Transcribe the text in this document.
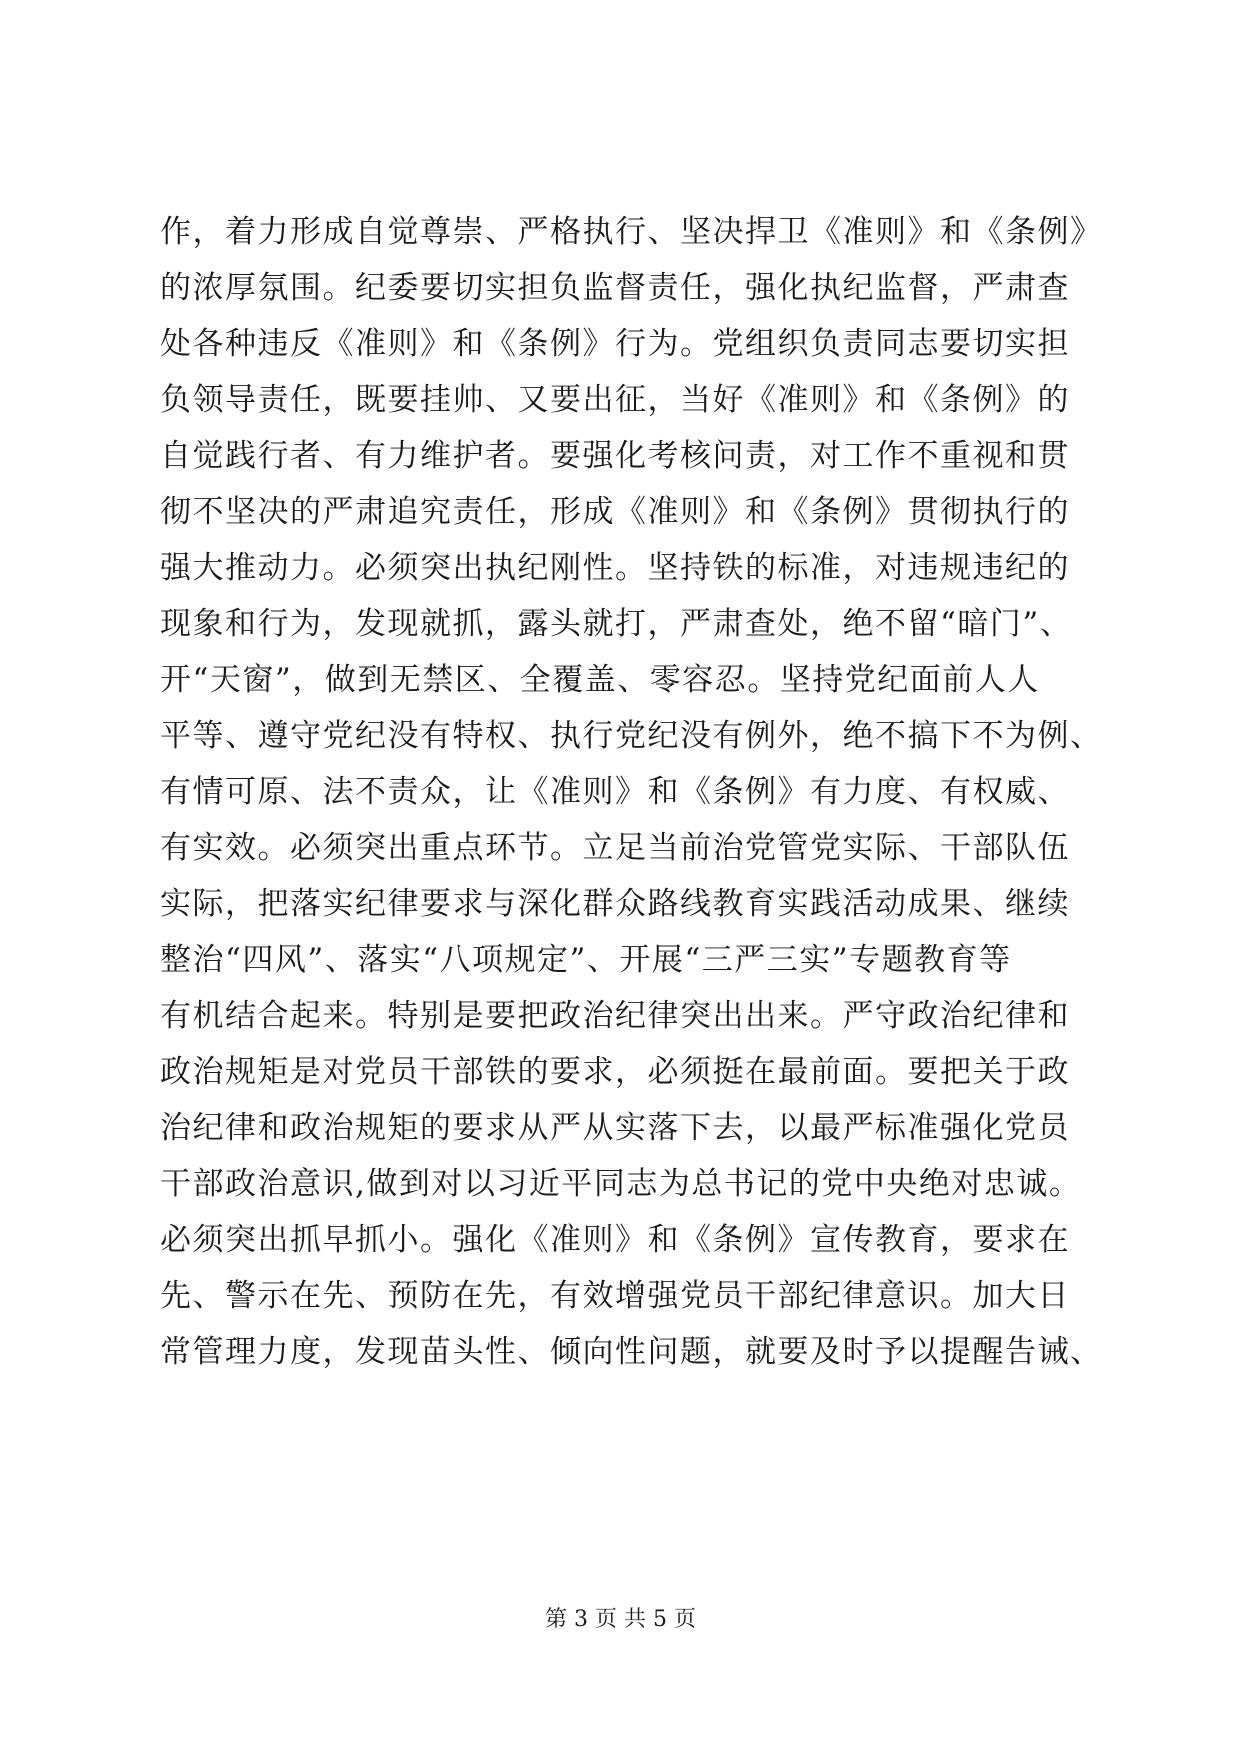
作，着力形成自觉尊崇、严格执行、坚决捍卫《准则》和《条例》
的浓厚氛围。纪委要切实担负监督责任，强化执纪监督，严肃查
处各种违反《准则》和《条例》行为。党组织负责同志要切实担
负领导责任，既要挂帅、又要出征，当好《准则》和《条例》的
自觉践行者、有力维护者。要强化考核问责，对工作不重视和贯
彻不坚决的严肃追究责任，形成《准则》和《条例》贯彻执行的
强大推动力。必须突出执纪刚性。坚持铁的标准，对违规违纪的
现象和行为，发现就抓，露头就打，严肃查处，绝不留“暗门”、
开“天窗”，做到无禁区、全覆盖、零容忍。坚持党纪面前人人
平等、遵守党纪没有特权、执行党纪没有例外，绝不搞下不为例、
有情可原、法不责众，让《准则》和《条例》有力度、有权威、
有实效。必须突出重点环节。立足当前治党管党实际、干部队伍
实际，把落实纪律要求与深化群众路线教育实践活动成果、继续
整治“四风”、落实“八项规定”、开展“三严三实”专题教育等
有机结合起来。特别是要把政治纪律突出出来。严守政治纪律和
政治规矩是对党员干部铁的要求，必须挺在最前面。要把关于政
治纪律和政治规矩的要求从严从实落下去，以最严标准强化党员
干部政治意识,做到对以习近平同志为总书记的党中央绝对忠诚。
必须突出抓早抓小。强化《准则》和《条例》宣传教育，要求在
先、警示在先、预防在先，有效增强党员干部纪律意识。加大日
常管理力度，发现苗头性、倾向性问题，就要及时予以提醒告诫、
第 3 页 共 5 页
